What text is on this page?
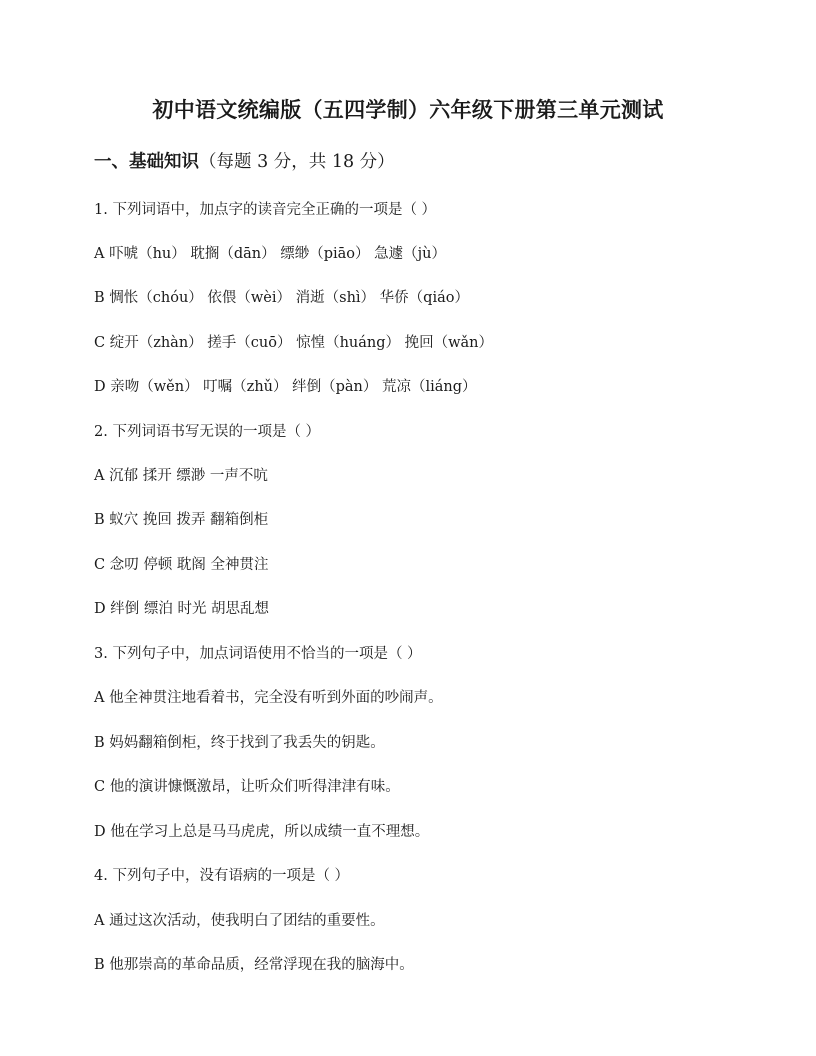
初中语文统编版（五四学制）六年级下册第三单元测试
一、基础知识（每题 3 分，共 18 分）
1. 下列词语中，加点字的读音完全正确的一项是（ ）
A 吓唬（hu） 耽搁（dān） 缥缈（piāo） 急遽（jù）
B 惆怅（chóu） 依偎（wèi） 消逝（shì） 华侨（qiáo）
C 绽开（zhàn） 搓手（cuō） 惊惶（huáng） 挽回（wǎn）
D 亲吻（wěn） 叮嘱（zhǔ） 绊倒（pàn） 荒凉（liáng）
2. 下列词语书写无误的一项是（ ）
A 沉郁 揉开 缥渺 一声不吭
B 蚁穴 挽回 拨弄 翻箱倒柜
C 念叨 停顿 耽阁 全神贯注
D 绊倒 缥泊 时光 胡思乱想
3. 下列句子中，加点词语使用不恰当的一项是（ ）
A 他全神贯注地看着书，完全没有听到外面的吵闹声。
B 妈妈翻箱倒柜，终于找到了我丢失的钥匙。
C 他的演讲慷慨激昂，让听众们听得津津有味。
D 他在学习上总是马马虎虎，所以成绩一直不理想。
4. 下列句子中，没有语病的一项是（ ）
A 通过这次活动，使我明白了团结的重要性。
B 他那崇高的革命品质，经常浮现在我的脑海中。
